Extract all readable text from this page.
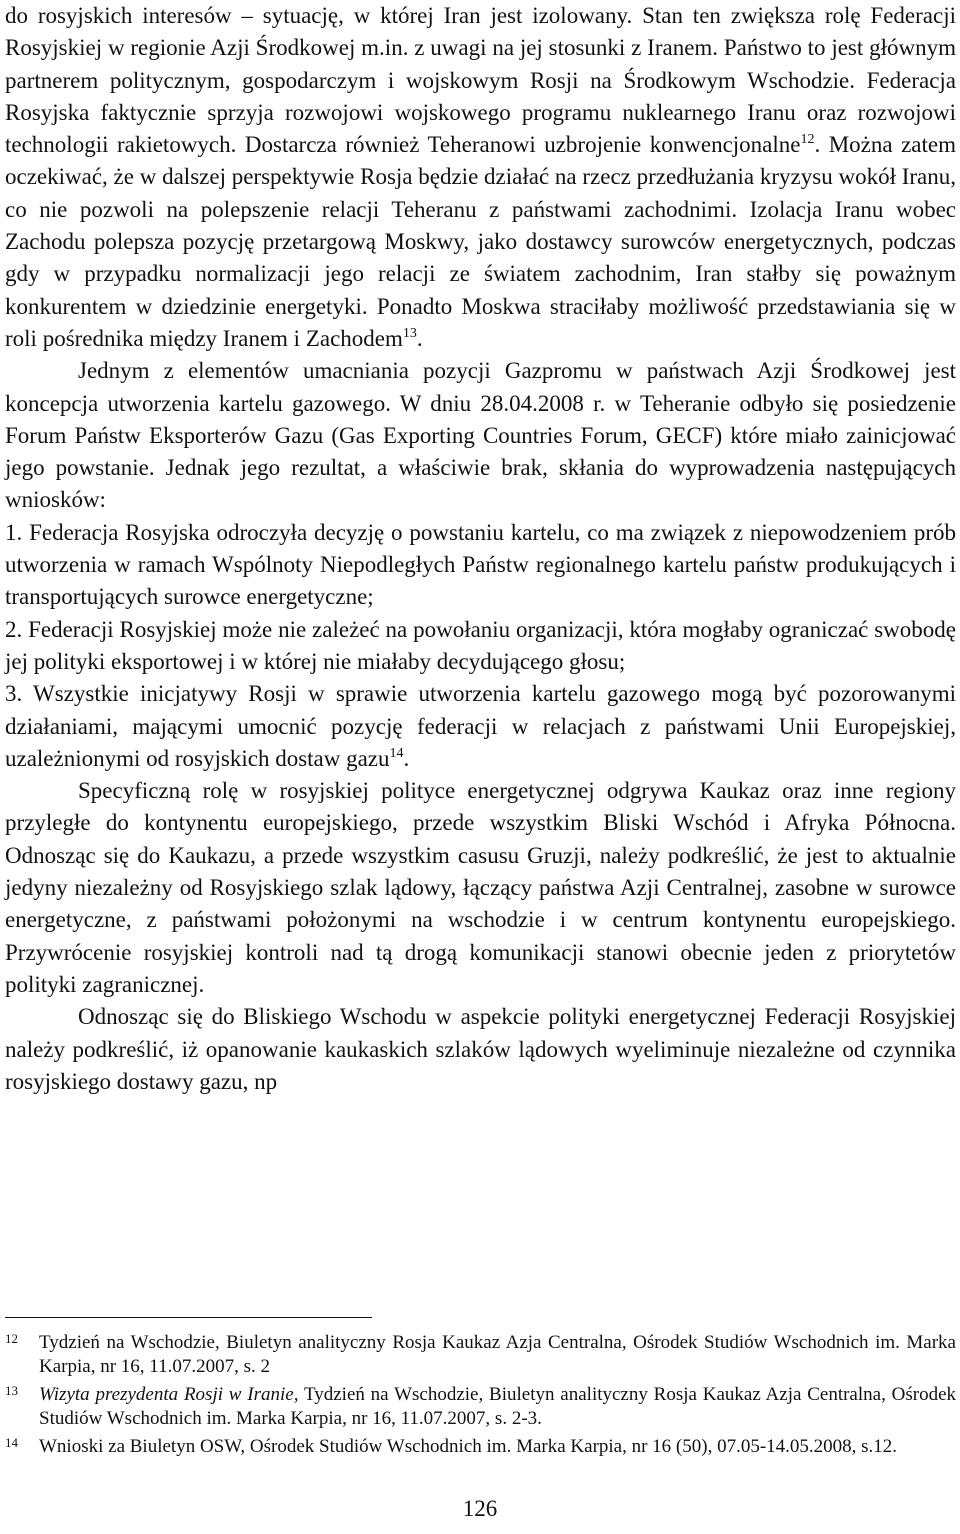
do rosyjskich interesów – sytuację, w której Iran jest izolowany. Stan ten zwiększa rolę Federacji Rosyjskiej w regionie Azji Środkowej m.in. z uwagi na jej stosunki z Iranem. Państwo to jest głównym partnerem politycznym, gospodarczym i wojskowym Rosji na Środkowym Wschodzie. Federacja Rosyjska faktycznie sprzyja rozwojowi wojskowego programu nuklearnego Iranu oraz rozwojowi technologii rakietowych. Dostarcza również Teheranowi uzbrojenie konwencjonalne$^{12}$. Można zatem oczekiwać, że w dalszej perspektywie Rosja będzie działać na rzecz przedłużania kryzysu wokół Iranu, co nie pozwoli na polepszenie relacji Teheranu z państwami zachodnimi. Izolacja Iranu wobec Zachodu polepsza pozycję przetargową Moskwy, jako dostawcy surowców energetycznych, podczas gdy w przypadku normalizacji jego relacji ze światem zachodnim, Iran stałby się poważnym konkurentem w dziedzinie energetyki. Ponadto Moskwa straciłaby możliwość przedstawiania się w roli pośrednika między Iranem i Zachodem$^{13}$.

Jednym z elementów umacniania pozycji Gazpromu w państwach Azji Środkowej jest koncepcja utworzenia kartelu gazowego. W dniu 28.04.2008 r. w Teheranie odbyło się posiedzenie Forum Państw Eksporterów Gazu (Gas Exporting Countries Forum, GECF) które miało zainicjować jego powstanie. Jednak jego rezultat, a właściwie brak, skłania do wyprowadzenia następujących wniosków:

1. Federacja Rosyjska odroczyła decyzję o powstaniu kartelu, co ma związek z niepowodzeniem prób utworzenia w ramach Wspólnoty Niepodległych Państw regionalnego kartelu państw produkujących i transportujących surowce energetyczne;

2. Federacji Rosyjskiej może nie zależeć na powołaniu organizacji, która mogłaby ograniczać swobodę jej polityki eksportowej i w której nie miałaby decydującego głosu;

3. Wszystkie inicjatywy Rosji w sprawie utworzenia kartelu gazowego mogą być pozorowanymi działaniami, mającymi umocnić pozycję federacji w relacjach z państwami Unii Europejskiej, uzależnionymi od rosyjskich dostaw gazu$^{14}$.

Specyficzną rolę w rosyjskiej polityce energetycznej odgrywa Kaukaz oraz inne regiony przyległe do kontynentu europejskiego, przede wszystkim Bliski Wschód i Afryka Północna. Odnosząc się do Kaukazu, a przede wszystkim casusu Gruzji, należy podkreślić, że jest to aktualnie jedyny niezależny od Rosyjskiego szlak lądowy, łączący państwa Azji Centralnej, zasobne w surowce energetyczne, z państwami położonymi na wschodzie i w centrum kontynentu europejskiego. Przywrócenie rosyjskiej kontroli nad tą drogą komunikacji stanowi obecnie jeden z priorytetów polityki zagranicznej.

Odnosząc się do Bliskiego Wschodu w aspekcie polityki energetycznej Federacji Rosyjskiej należy podkreślić, iż opanowanie kaukaskich szlaków lądowych wyeliminuje niezależne od czynnika rosyjskiego dostawy gazu, np

12 Tydzień na Wschodzie, Biuletyn analityczny Rosja Kaukaz Azja Centralna, Ośrodek Studiów Wschodnich im. Marka Karpia, nr 16, 11.07.2007, s. 2

13 Wizyta prezydenta Rosji w Iranie, Tydzień na Wschodzie, Biuletyn analityczny Rosja Kaukaz Azja Centralna, Ośrodek Studiów Wschodnich im. Marka Karpia, nr 16, 11.07.2007, s. 2-3.

14 Wnioski za Biuletyn OSW, Ośrodek Studiów Wschodnich im. Marka Karpia, nr 16 (50), 07.05-14.05.2008, s.12.

126
